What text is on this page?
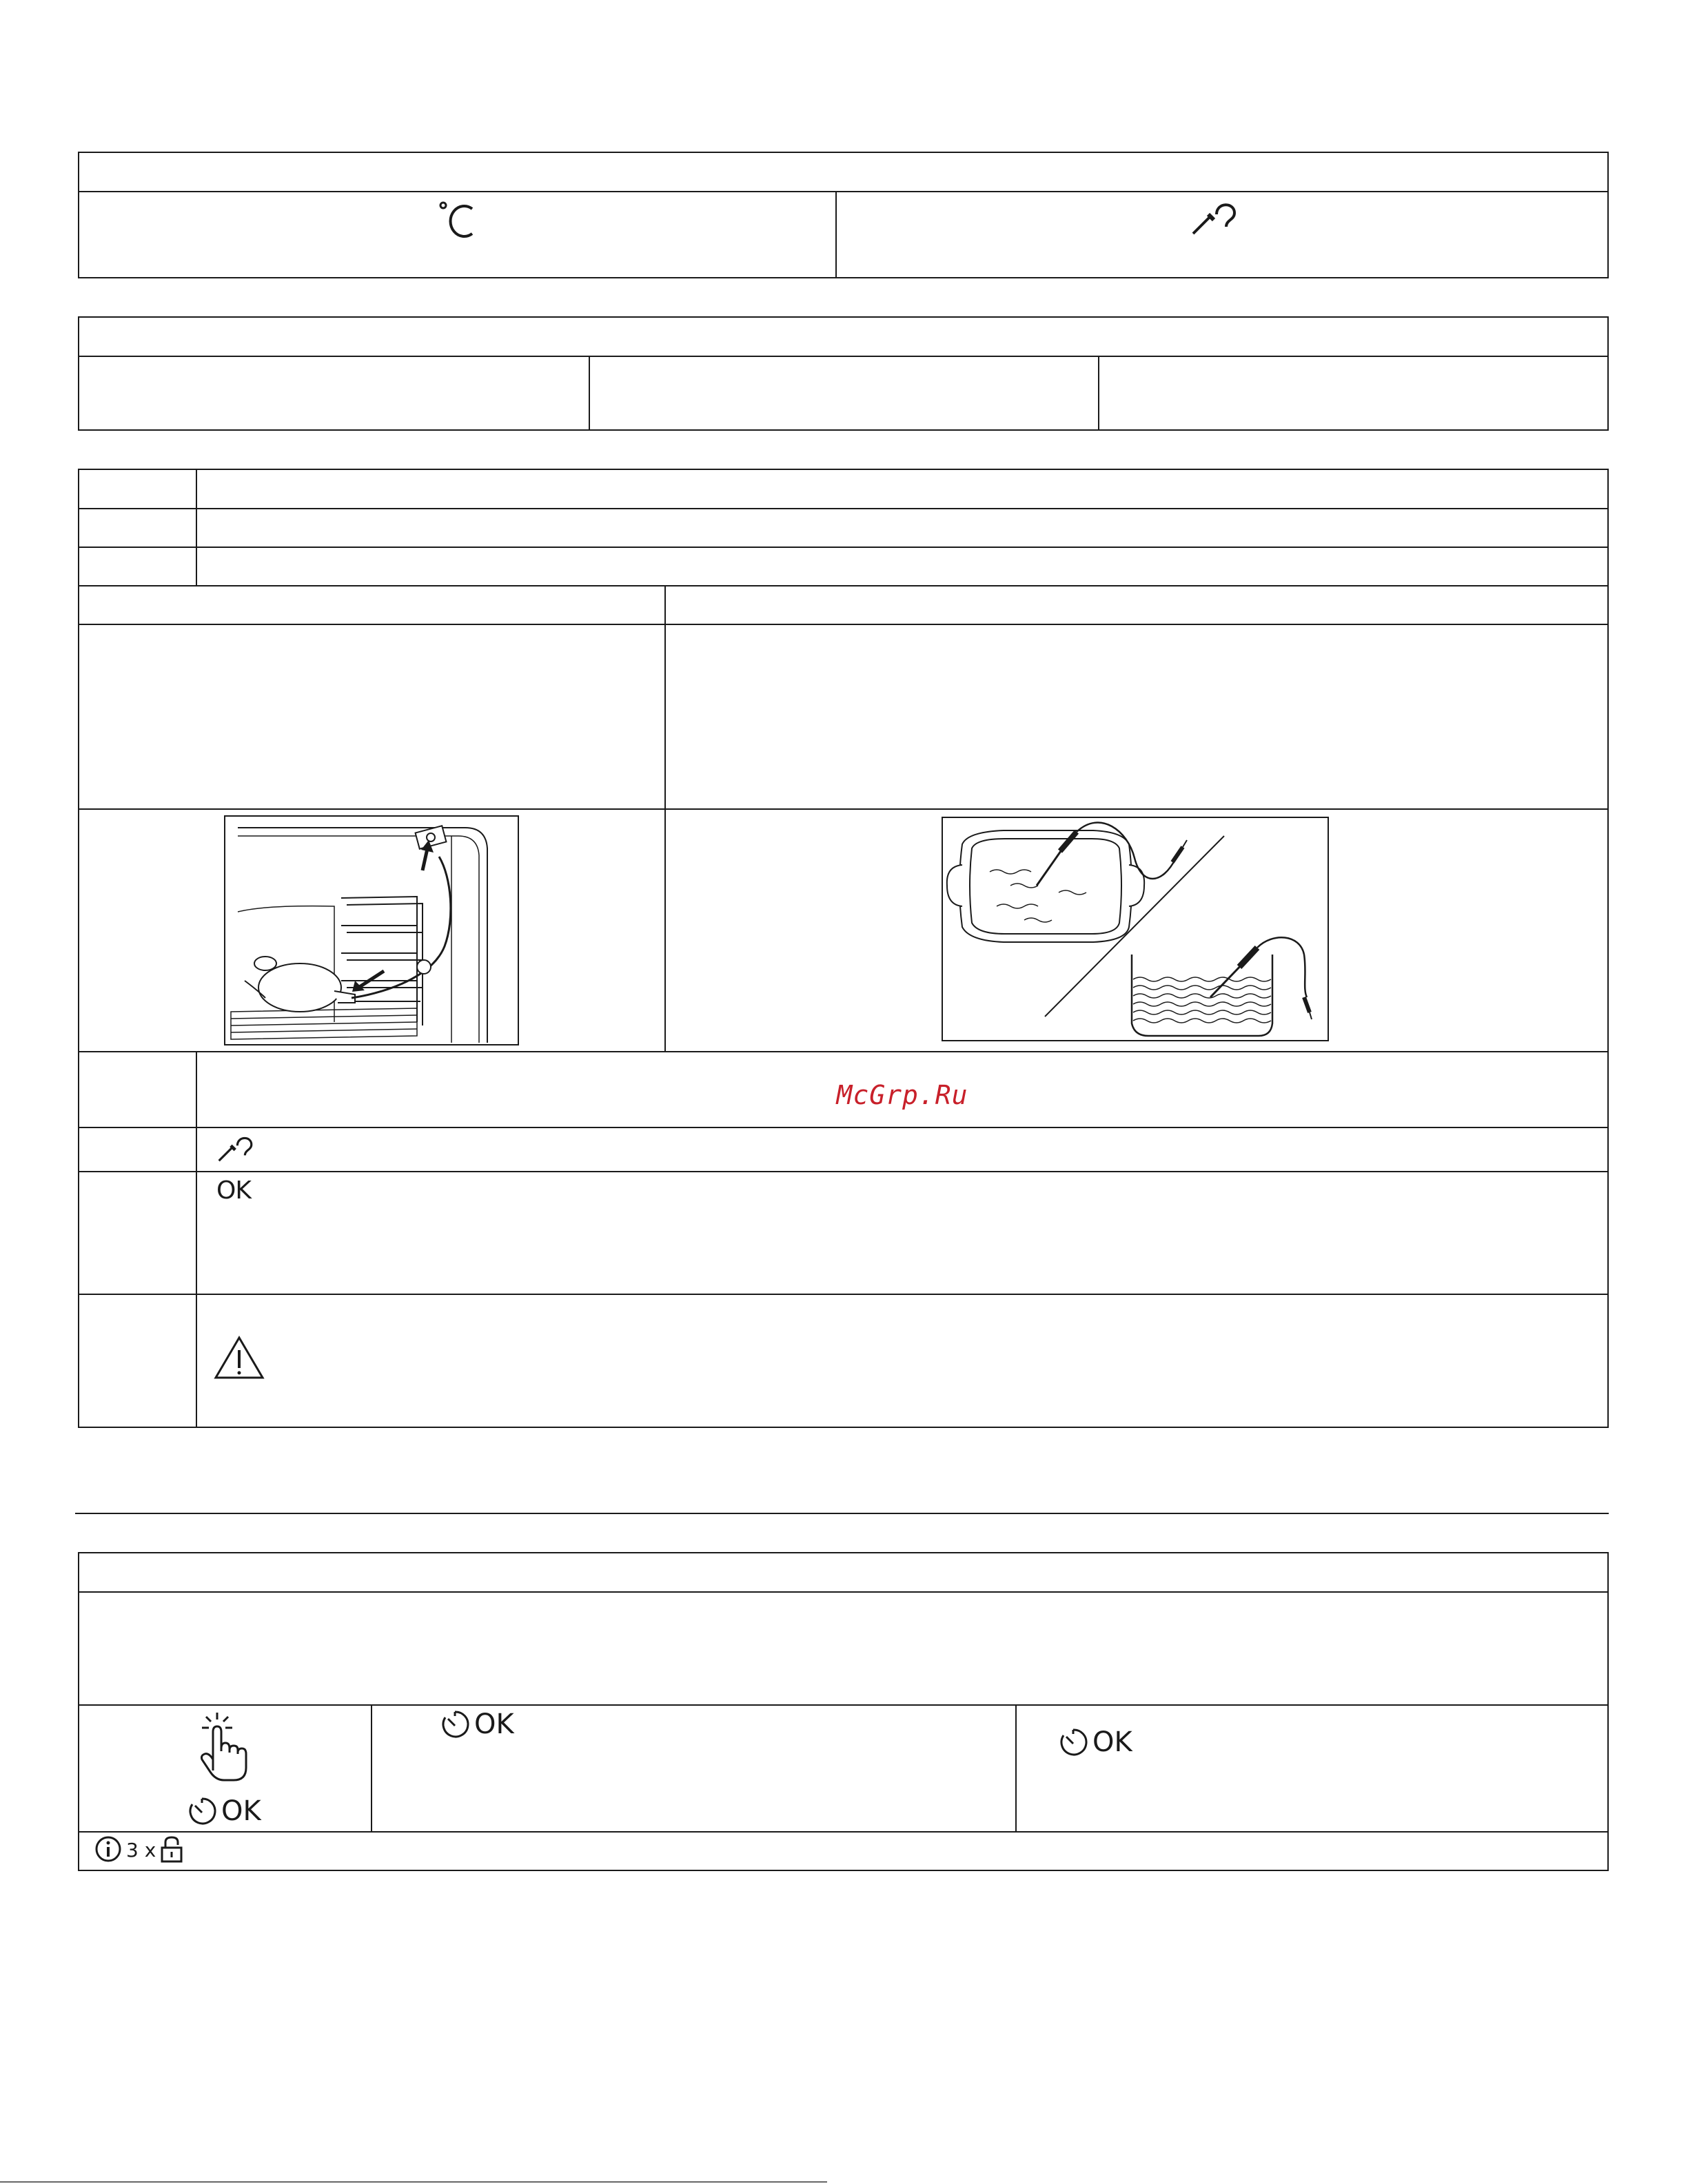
McGrp.Ru
OK
OK
OK
OK
3 x
